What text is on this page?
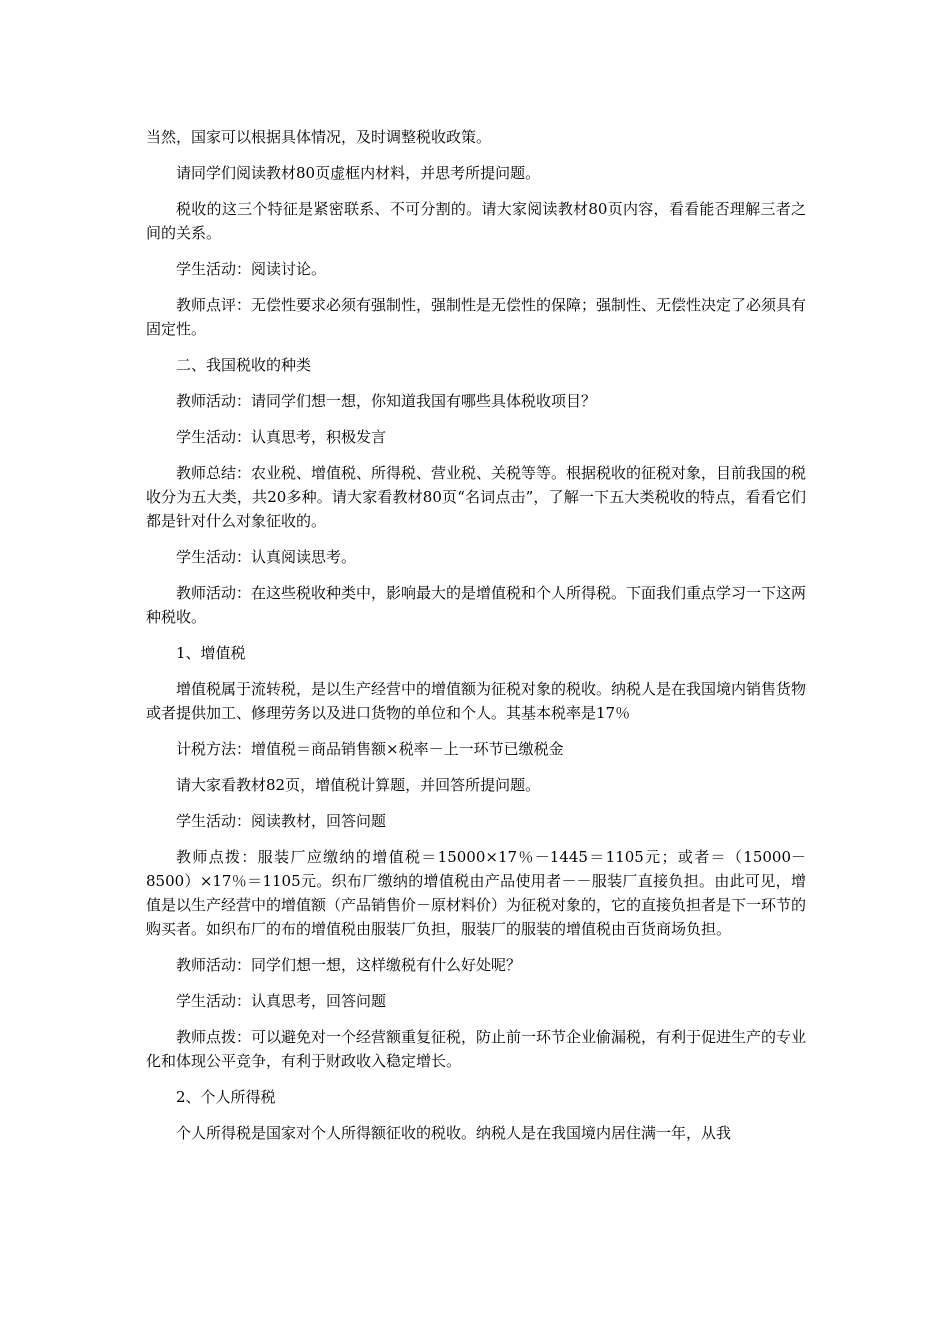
当然，国家可以根据具体情况，及时调整税收政策。

请同学们阅读教材80页虚框内材料，并思考所提问题。

税收的这三个特征是紧密联系、不可分割的。请大家阅读教材80页内容，看看能否理解三者之间的关系。

学生活动：阅读讨论。

教师点评：无偿性要求必须有强制性，强制性是无偿性的保障；强制性、无偿性决定了必须具有固定性。

二、我国税收的种类

教师活动：请同学们想一想，你知道我国有哪些具体税收项目？

学生活动：认真思考，积极发言

教师总结：农业税、增值税、所得税、营业税、关税等等。根据税收的征税对象，目前我国的税收分为五大类，共20多种。请大家看教材80页“名词点击”，了解一下五大类税收的特点，看看它们都是针对什么对象征收的。

学生活动：认真阅读思考。

教师活动：在这些税收种类中，影响最大的是增值税和个人所得税。下面我们重点学习一下这两种税收。

1、增值税

增值税属于流转税，是以生产经营中的增值额为征税对象的税收。纳税人是在我国境内销售货物或者提供加工、修理劳务以及进口货物的单位和个人。其基本税率是17％

计税方法：增值税＝商品销售额×税率－上一环节已缴税金

请大家看教材82页，增值税计算题，并回答所提问题。

学生活动：阅读教材，回答问题

教师点拨：服装厂应缴纳的增值税＝15000×17％－1445＝1105元；或者＝（15000－8500）×17％＝1105元。织布厂缴纳的增值税由产品使用者－－服装厂直接负担。由此可见，增值是以生产经营中的增值额（产品销售价－原材料价）为征税对象的，它的直接负担者是下一环节的购买者。如织布厂的布的增值税由服装厂负担，服装厂的服装的增值税由百货商场负担。

教师活动：同学们想一想，这样缴税有什么好处呢？

学生活动：认真思考，回答问题

教师点拨：可以避免对一个经营额重复征税，防止前一环节企业偷漏税，有利于促进生产的专业化和体现公平竞争，有利于财政收入稳定增长。

2、个人所得税

个人所得税是国家对个人所得额征收的税收。纳税人是在我国境内居住满一年，从我
